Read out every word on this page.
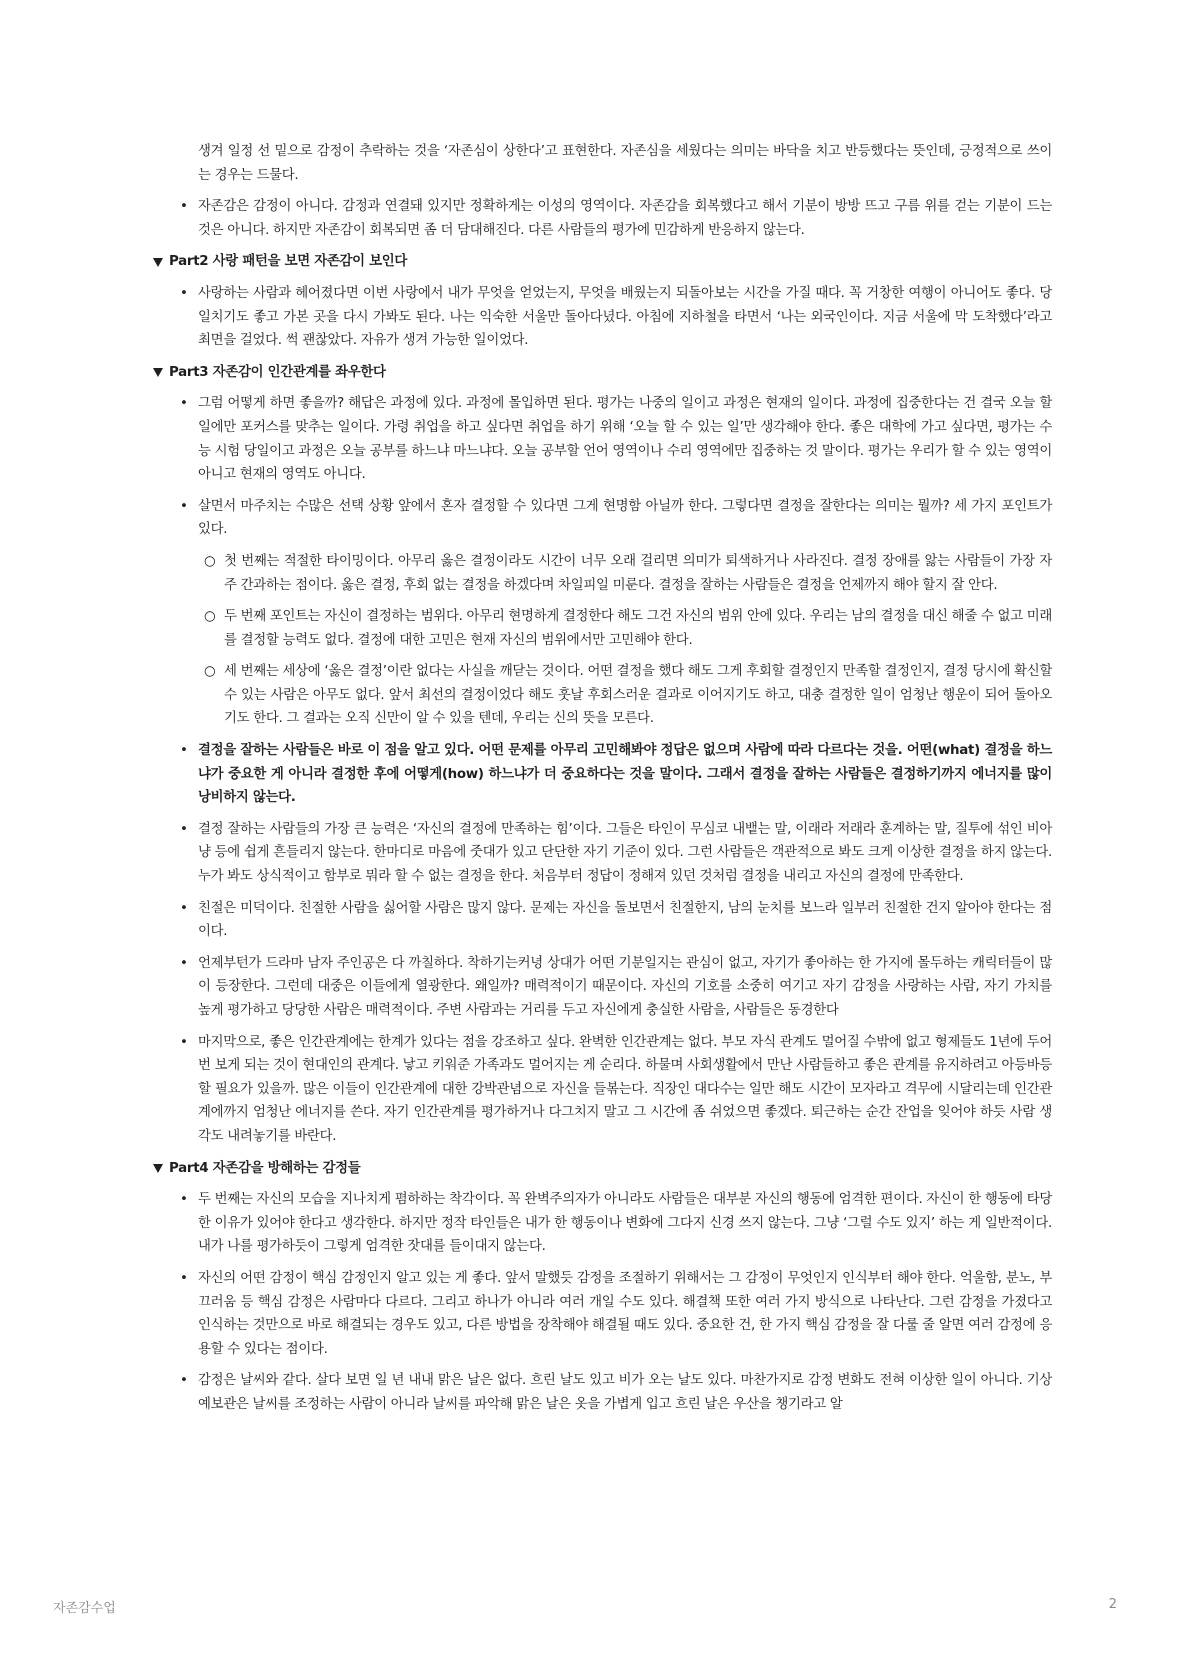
생겨 일정 선 밑으로 감정이 추락하는 것을 ‘자존심이 상한다’고 표현한다. 자존심을 세웠다는 의미는 바닥을 치고 반등했다는 뜻인데, 긍정적으로 쓰이는 경우는 드물다.

• 자존감은 감정이 아니다. 감정과 연결돼 있지만 정확하게는 이성의 영역이다. 자존감을 회복했다고 해서 기분이 방방 뜨고 구름 위를 걷는 기분이 드는 것은 아니다. 하지만 자존감이 회복되면 좀 더 담대해진다. 다른 사람들의 평가에 민감하게 반응하지 않는다.

Part2 사랑 패턴을 보면 자존감이 보인다
• 사랑하는 사람과 헤어졌다면 이번 사랑에서 내가 무엇을 얻었는지, 무엇을 배웠는지 되돌아보는 시간을 가질 때다. 꼭 거창한 여행이 아니어도 좋다. 당일치기도 좋고 가본 곳을 다시 가봐도 된다. 나는 익숙한 서울만 돌아다녔다. 아침에 지하철을 타면서 ‘나는 외국인이다. 지금 서울에 막 도착했다’라고 최면을 걸었다. 썩 괜찮았다. 자유가 생겨 가능한 일이었다.

Part3 자존감이 인간관계를 좌우한다
• 그럼 어떻게 하면 좋을까? 해답은 과정에 있다. 과정에 몰입하면 된다. 평가는 나중의 일이고 과정은 현재의 일이다. 과정에 집중한다는 건 결국 오늘 할 일에만 포커스를 맞추는 일이다. 가령 취업을 하고 싶다면 취업을 하기 위해 ‘오늘 할 수 있는 일’만 생각해야 한다. 좋은 대학에 가고 싶다면, 평가는 수능 시험 당일이고 과정은 오늘 공부를 하느냐 마느냐다. 오늘 공부할 언어 영역이나 수리 영역에만 집중하는 것 말이다. 평가는 우리가 할 수 있는 영역이 아니고 현재의 영역도 아니다.

• 살면서 마주치는 수많은 선택 상황 앞에서 혼자 결정할 수 있다면 그게 현명함 아닐까 한다. 그렇다면 결정을 잘한다는 의미는 뭘까? 세 가지 포인트가 있다.

○ 첫 번째는 적절한 타이밍이다. 아무리 옳은 결정이라도 시간이 너무 오래 걸리면 의미가 퇴색하거나 사라진다. 결정 장애를 앓는 사람들이 가장 자주 간과하는 점이다. 옳은 결정, 후회 없는 결정을 하겠다며 차일피일 미룬다. 결정을 잘하는 사람들은 결정을 언제까지 해야 할지 잘 안다.

○ 두 번째 포인트는 자신이 결정하는 범위다. 아무리 현명하게 결정한다 해도 그건 자신의 범위 안에 있다. 우리는 남의 결정을 대신 해줄 수 없고 미래를 결정할 능력도 없다. 결정에 대한 고민은 현재 자신의 범위에서만 고민해야 한다.

○ 세 번째는 세상에 ‘옳은 결정’이란 없다는 사실을 깨닫는 것이다. 어떤 결정을 했다 해도 그게 후회할 결정인지 만족할 결정인지, 결정 당시에 확신할 수 있는 사람은 아무도 없다. 앞서 최선의 결정이었다 해도 훗날 후회스러운 결과로 이어지기도 하고, 대충 결정한 일이 엄청난 행운이 되어 돌아오기도 한다. 그 결과는 오직 신만이 알 수 있을 텐데, 우리는 신의 뜻을 모른다.

• 결정을 잘하는 사람들은 바로 이 점을 알고 있다. 어떤 문제를 아무리 고민해봐야 정답은 없으며 사람에 따라 다르다는 것을. 어떤(what) 결정을 하느냐가 중요한 게 아니라 결정한 후에 어떻게(how) 하느냐가 더 중요하다는 것을 말이다. 그래서 결정을 잘하는 사람들은 결정하기까지 에너지를 많이 낭비하지 않는다.

• 결정 잘하는 사람들의 가장 큰 능력은 ‘자신의 결정에 만족하는 힘’이다. 그들은 타인이 무심코 내뱉는 말, 이래라 저래라 훈계하는 말, 질투에 섞인 비아냥 등에 쉽게 흔들리지 않는다. 한마디로 마음에 줏대가 있고 단단한 자기 기준이 있다. 그런 사람들은 객관적으로 봐도 크게 이상한 결정을 하지 않는다. 누가 봐도 상식적이고 함부로 뭐라 할 수 없는 결정을 한다. 처음부터 정답이 정해져 있던 것처럼 결정을 내리고 자신의 결정에 만족한다.

• 친절은 미덕이다. 친절한 사람을 싫어할 사람은 많지 않다. 문제는 자신을 돌보면서 친절한지, 남의 눈치를 보느라 일부러 친절한 건지 알아야 한다는 점이다.

• 언제부턴가 드라마 남자 주인공은 다 까칠하다. 착하기는커녕 상대가 어떤 기분일지는 관심이 없고, 자기가 좋아하는 한 가지에 몰두하는 캐릭터들이 많이 등장한다. 그런데 대중은 이들에게 열광한다. 왜일까? 매력적이기 때문이다. 자신의 기호를 소중히 여기고 자기 감정을 사랑하는 사람, 자기 가치를 높게 평가하고 당당한 사람은 매력적이다. 주변 사람과는 거리를 두고 자신에게 충실한 사람을, 사람들은 동경한다

• 마지막으로, 좋은 인간관계에는 한계가 있다는 점을 강조하고 싶다. 완벽한 인간관계는 없다. 부모 자식 관계도 멀어질 수밖에 없고 형제들도 1년에 두어 번 보게 되는 것이 현대인의 관계다. 낳고 키워준 가족과도 멀어지는 게 순리다. 하물며 사회생활에서 만난 사람들하고 좋은 관계를 유지하려고 아등바등할 필요가 있을까. 많은 이들이 인간관계에 대한 강박관념으로 자신을 들볶는다. 직장인 대다수는 일만 해도 시간이 모자라고 격무에 시달리는데 인간관계에까지 엄청난 에너지를 쓴다. 자기 인간관계를 평가하거나 다그치지 말고 그 시간에 좀 쉬었으면 좋겠다. 퇴근하는 순간 잔업을 잊어야 하듯 사람 생각도 내려놓기를 바란다.

Part4 자존감을 방해하는 감정들
• 두 번째는 자신의 모습을 지나치게 폄하하는 착각이다. 꼭 완벽주의자가 아니라도 사람들은 대부분 자신의 행동에 엄격한 편이다. 자신이 한 행동에 타당한 이유가 있어야 한다고 생각한다. 하지만 정작 타인들은 내가 한 행동이나 변화에 그다지 신경 쓰지 않는다. 그냥 ‘그럴 수도 있지’ 하는 게 일반적이다. 내가 나를 평가하듯이 그렇게 엄격한 잣대를 들이대지 않는다.

• 자신의 어떤 감정이 핵심 감정인지 알고 있는 게 좋다. 앞서 말했듯 감정을 조절하기 위해서는 그 감정이 무엇인지 인식부터 해야 한다. 억울함, 분노, 부끄러움 등 핵심 감정은 사람마다 다르다. 그리고 하나가 아니라 여러 개일 수도 있다. 해결책 또한 여러 가지 방식으로 나타난다. 그런 감정을 가졌다고 인식하는 것만으로 바로 해결되는 경우도 있고, 다른 방법을 장착해야 해결될 때도 있다. 중요한 건, 한 가지 핵심 감정을 잘 다룰 줄 알면 여러 감정에 응용할 수 있다는 점이다.

• 감정은 날씨와 같다. 살다 보면 일 년 내내 맑은 날은 없다. 흐린 날도 있고 비가 오는 날도 있다. 마찬가지로 감정 변화도 전혀 이상한 일이 아니다. 기상예보관은 날씨를 조정하는 사람이 아니라 날씨를 파악해 맑은 날은 옷을 가볍게 입고 흐린 날은 우산을 챙기라고 알

자존감수업	2
